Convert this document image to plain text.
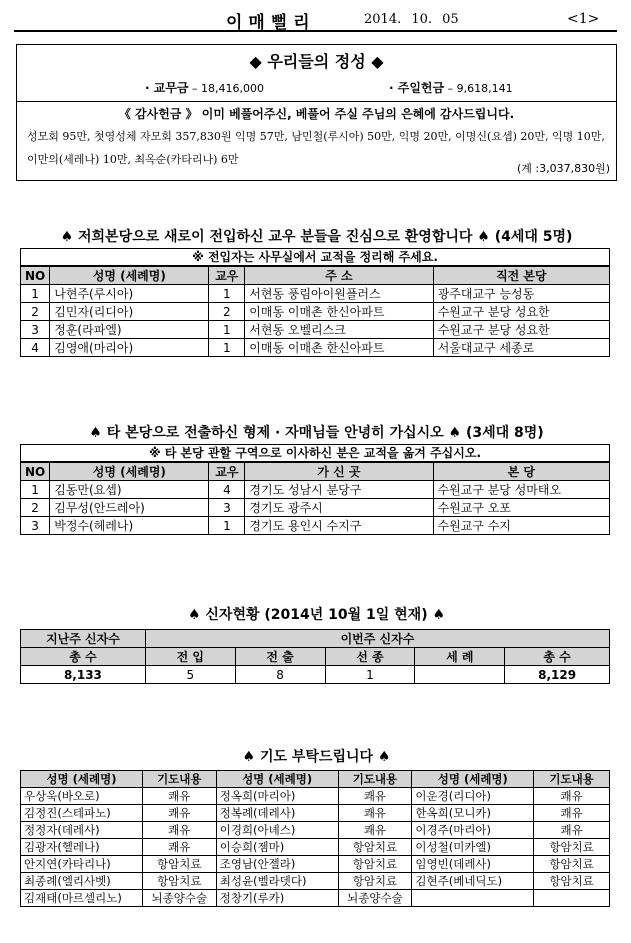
이매뻘리	2014. 10. 05	<1>
◆ 우리들의 정성 ◆
· 교무금 – 18,416,000	· 주일헌금 – 9,618,141
《 감사헌금 》 이미 베풀어주신, 베풀어 주실 주님의 은혜에 감사드립니다.
성모회 95만, 첫영성체 자모회 357,830원 익명 57만, 남민철(루시아) 50만, 익명 20만, 이명신(요셉) 20만, 익명 10만, 이만의(세레나) 10만, 최옥순(카타리나) 6만
(계 :3,037,830원)
♠ 저희본당으로 새로이 전입하신 교우 분들을 진심으로 환영합니다 ♠ (4세대 5명)
※ 전입자는 사무실에서 교적을 정리해 주세요.
NO	성명 (세례명)	교우	주 소	직전 본당
1	나현주(루시아)	1	서현동 풍림아이원플러스	광주대교구 능성동
2	김민자(리디아)	2	이매동 이매촌 한신아파트	수원교구 분당 성요한
3	정훈(라파엘)	1	서현동 오벨리스크	수원교구 분당 성요한
4	김영애(마리아)	1	이매동 이매촌 한신아파트	서울대교구 세종로
♠ 타 본당으로 전출하신 형제 · 자매님들 안녕히 가십시오 ♠ (3세대 8명)
※ 타 본당 관할 구역으로 이사하신 분은 교적을 옮겨 주십시오.
NO	성명 (세례명)	교우	가 신 곳	본 당
1	김동만(요셉)	4	경기도 성남시 분당구	수원교구 분당 성마태오
2	김무성(안드레아)	3	경기도 광주시	수원교구 오포
3	박정수(헤레나)	1	경기도 용인시 수지구	수원교구 수지
♠ 신자현황 (2014년 10월 1일 현재) ♠
지난주 신자수	이번주 신자수				
총 수	전 입	전 출	선 종	세 례	총 수
8,133	5	8	1		8,129
♠ 기도 부탁드립니다 ♠
성명 (세례명)	기도내용	성명 (세례명)	기도내용	성명 (세례명)	기도내용
우상욱(바오로)	쾌유	정옥희(마리아)	쾌유	이운경(리디아)	쾌유
김정진(스테파노)	쾌유	정복례(데레사)	쾌유	한옥희(모니카)	쾌유
정정자(데레사)	쾌유	이경희(아녜스)	쾌유	이경주(마리아)	쾌유
김광자(헬레나)	쾌유	이승희(젬마)	항암치료	이성철(미카엘)	항암치료
안지연(카타리나)	항암치료	조영남(안젤라)	항암치료	임영빈(데레사)	항암치료
최종례(엘리사벳)	항암치료	최성윤(벨라뎃다)	항암치료	김현주(베네딕도)	항암치료
김재태(마르셀리노)	뇌종양수술	정창기(루카)	뇌종양수술		
